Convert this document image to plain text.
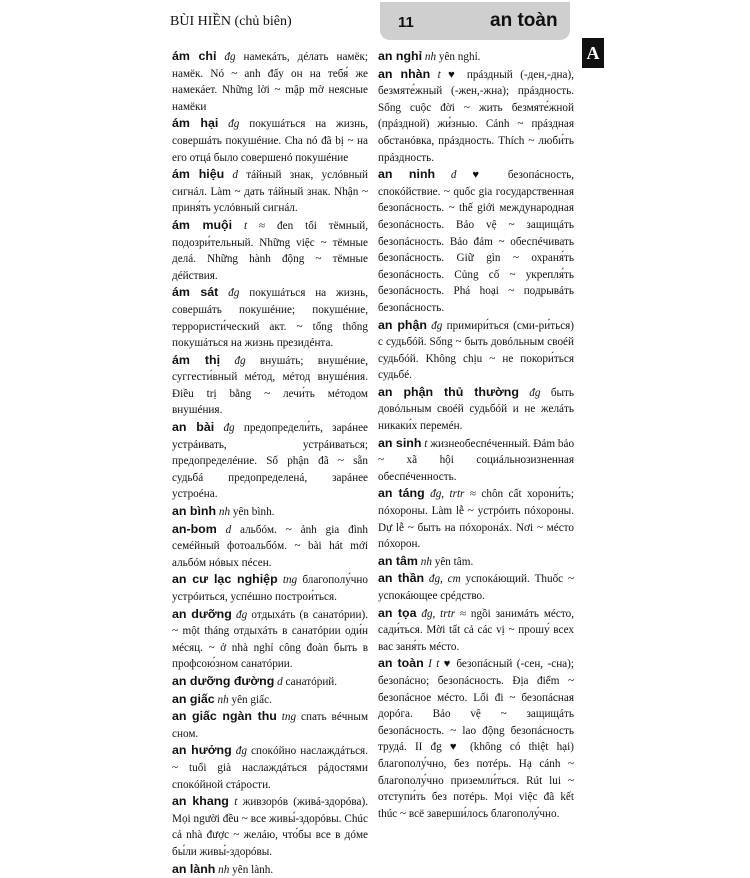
BÙI HIỀN (chủ biên)	11	an toàn
A
ám chỉ đg намекáть, дéлать намёк; намёк. Nó ~ anh đấy он на тебя́ же намекáет. Những lời ~ mập mờ неясные намёки
ám hại đg покушáться на жизнь, совершáть покушéние. Cha nó đã bị ~ на его отцá было совершенó покушéние
ám hiệu d тáйный знак, услóвный сигнáл. Làm ~ дать тáйный знак. Nhận ~ приня́ть услóвный сигнáл.
ám muội t ≈ đen tối тёмный, подозри́тельный. Những việc ~ тёмные делá. Những hành động ~ тёмные дéйствия.
ám sát đg покушáться на жизнь, совершáть покушéние; покушéние, террористи́ческий акт. ~ tổng thống покушáться на жизнь президéнта.
ám thị đg внушáть; внушéние, суггести́вный мéтод, мéтод внушéния. Điều trị bằng ~ лечи́ть мéтодом внушéния.
an bài đg предопредели́ть, зарáнее устрáивать, устрáиваться; предопределéние. Số phận đã ~ sẵn судьбá предопределенá, зарáнее устроéна.
an bình nh yên bình.
an-bom d альбóм. ~ ảnh gia đình семéйный фотоальбóм. ~ bài hát mới альбóм нóвых пéсен.
an cư lạc nghiệp tng благополу́чно устрóиться, успéшно построи́ться.
an dưỡng đg отдыхáть (в санатóрии). ~ một tháng отдыхáть в санатóрии оди́н мéсяц. ~ ở nhà nghỉ công đoàn быть в профсою́зном санатóрии.
an dưỡng đường d санатóрий.
an giấc nh yên giấc.
an giấc ngàn thu tng спать вéчным сном.
an hưởng đg спокóйно наслаждáться. ~ tuổi già наслаждáться рáдостями спокóйной стáрости.
an khang t живзорóв (живá-здорóва). Mọi người đều ~ все живы́-здорóвы. Chúc cả nhà được ~ желáю, что́бы все в дóме бы́ли живы́-здорóвы.
an lành nh yên lành.
an nghỉ nh yên nghỉ.
an nhàn t ♥ прáздный (-ден,-дна), безмяте́жный (-жен,-жна); прáздность. Sống cuộc đời ~ жить безмяте́жной (прáздной) жи́знью. Cảnh ~ прáздная обстанóвка, прáздность. Thích ~ люби́ть прáздность.
an ninh d ♥ безопáсность, спокóйствие. ~ quốc gia государственная безопáсность. ~ thế giới международная безопáсность. Bảo vệ ~ защищáть безопáсность. Bảo đảm ~ обеспéчивать безопáсность. Giữ gìn ~ охраня́ть безопáсность. Củng cố ~ укрепля́ть безопáсность. Phá hoại ~ подрывáть безопáсность.
an phận đg примири́ться (сми-ри́ться) с судьбóй. Sống ~ быть довóльным своéй судьбóй. Không chịu ~ не покори́ться судьбé.
an phận thủ thường đg быть довóльным своéй судьбóй и не желáть никаки́х перемéн.
an sinh t жизнеобеспéченный. Đảm bảo ~ xã hội социáльнозизненная обеспéченность.
an táng đg, trtr ≈ chôn cất хорони́ть; пóхороны. Làm lễ ~ устрóить пóхороны. Dự lễ ~ быть на пóхоронáх. Nơi ~ мéсто пóхорон.
an tâm nh yên tâm.
an thần đg, cm успокáющий. Thuốc ~ успокáющее срéдство.
an tọa đg, trtr ≈ ngồi занимáть мéсто, сади́ться. Mời tất cả các vị ~ прошу́ всех вас заня́ть мéсто.
an toàn I t ♥ безопáсный (-сен, -сна); безопáсно; безопáсность. Địa điểm ~ безопáсное мéсто. Lối đi ~ безопáсная дорóга. Bảo vệ ~ защищáть безопáсность. ~ lao động безопáсность трудá. II đg ♥ (không có thiệt hại) благополу́чно, без потéрь. Hạ cánh ~ благополу́чно приземли́ться. Rút lui ~ отступи́ть без потéрь. Mọi việc đã kết thúc ~ всё заверши́лось благополу́чно.
